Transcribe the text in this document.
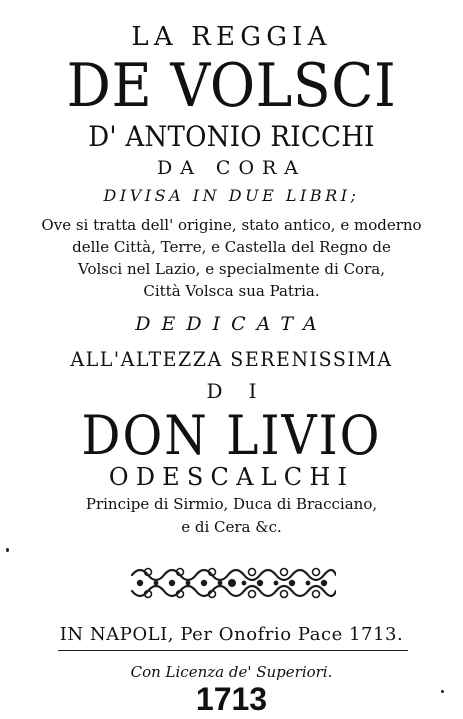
LA REGGIA
DE VOLSCI
D' ANTONIO RICCHI
DA CORA
DIVISA IN DUE LIBRI;
Ove si tratta dell' origine, stato antico, e moderno
delle Città, Terre, e Castella del Regno de
Volsci nel Lazio, e specialmente di Cora,
Città Volsca sua Patria.
DEDICATA
ALL'ALTEZZA SERENISSIMA
DI
DON LIVIO
ODESCALCHI
Principe di Sirmio, Duca di Bracciano,
e di Cera &c.
IN NAPOLI, Per Onofrio Pace 1713.
Con Licenza de' Superiori.
1713
